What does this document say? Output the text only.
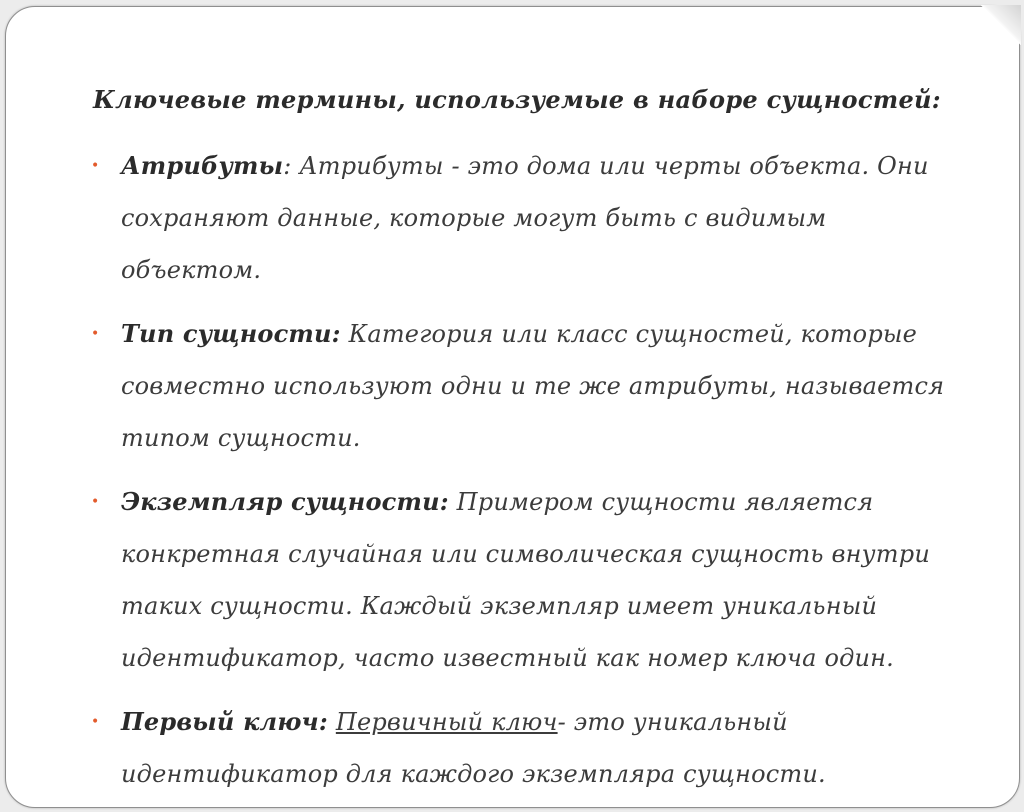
Ключевые термины, используемые в наборе сущностей:
• Атрибуты: Атрибуты - это дома или черты объекта. Они сохраняют данные, которые могут быть с видимым объектом.
• Тип сущности: Категория или класс сущностей, которые совместно используют одни и те же атрибуты, называется типом сущности.
• Экземпляр сущности: Примером сущности является конкретная случайная или символическая сущность внутри таких сущности. Каждый экземпляр имеет уникальный идентификатор, часто известный как номер ключа один.
• Первый ключ: Первичный ключ- это уникальный идентификатор для каждого экземпляра сущности.
